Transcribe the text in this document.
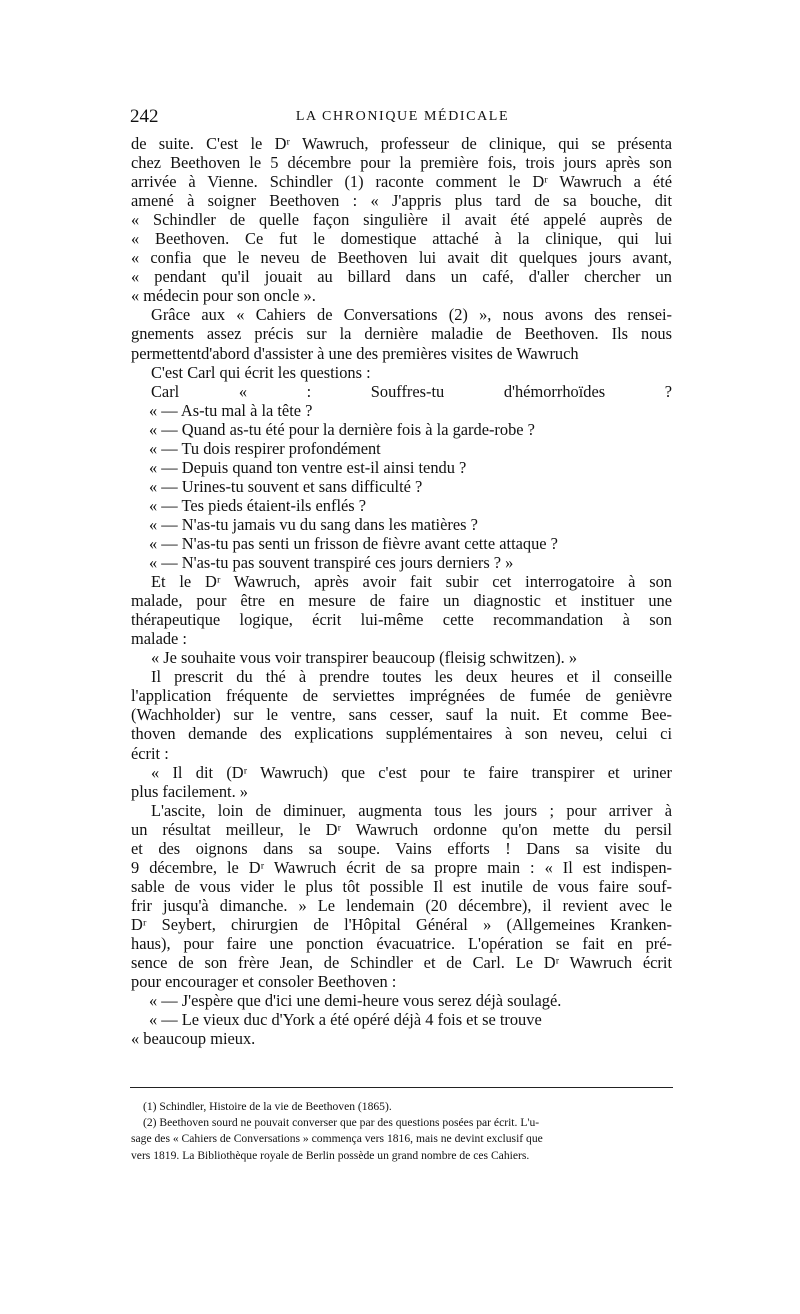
242	LA CHRONIQUE MÉDICALE
de suite. C'est le Dʳ Wawruch, professeur de clinique, qui se présenta
chez Beethoven le 5 décembre pour la première fois, trois jours après son
arrivée à Vienne. Schindler (1) raconte comment le Dʳ Wawruch a été
amené à soigner Beethoven : « J'appris plus tard de sa bouche, dit
« Schindler de quelle façon singulière il avait été appelé auprès de
« Beethoven. Ce fut le domestique attaché à la clinique, qui lui
« confia que le neveu de Beethoven lui avait dit quelques jours avant,
« pendant qu'il jouait au billard dans un café, d'aller chercher un
« médecin pour son oncle ».
Grâce aux « Cahiers de Conversations (2) », nous avons des rensei-
gnements assez précis sur la dernière maladie de Beethoven. Ils nous
permettentd'abord d'assister à une des premières visites de Wawruch
C'est Carl qui écrit les questions :
Carl « : Souffres-tu d'hémorrhoïdes ?
« — As-tu mal à la tête ?
« — Quand as-tu été pour la dernière fois à la garde-robe ?
« — Tu dois respirer profondément
« — Depuis quand ton ventre est-il ainsi tendu ?
« — Urines-tu souvent et sans difficulté ?
« — Tes pieds étaient-ils enflés ?
« — N'as-tu jamais vu du sang dans les matières ?
« — N'as-tu pas senti un frisson de fièvre avant cette attaque ?
« — N'as-tu pas souvent transpiré ces jours derniers ? »
Et le Dʳ Wawruch, après avoir fait subir cet interrogatoire à son
malade, pour être en mesure de faire un diagnostic et instituer une
thérapeutique logique, écrit lui-même cette recommandation à son
malade :
« Je souhaite vous voir transpirer beaucoup (fleisig schwitzen). »
Il prescrit du thé à prendre toutes les deux heures et il conseille
l'application fréquente de serviettes imprégnées de fumée de genièvre
(Wachholder) sur le ventre, sans cesser, sauf la nuit. Et comme Bee-
thoven demande des explications supplémentaires à son neveu, celui ci
écrit :
« Il dit (Dʳ Wawruch) que c'est pour te faire transpirer et uriner
plus facilement. »
L'ascite, loin de diminuer, augmenta tous les jours ; pour arriver à
un résultat meilleur, le Dʳ Wawruch ordonne qu'on mette du persil
et des oignons dans sa soupe. Vains efforts ! Dans sa visite du
9 décembre, le Dʳ Wawruch écrit de sa propre main : « Il est indispen-
sable de vous vider le plus tôt possible Il est inutile de vous faire souf-
frir jusqu'à dimanche. » Le lendemain (20 décembre), il revient avec le
Dʳ Seybert, chirurgien de l'Hôpital Général » (Allgemeines Kranken-
haus), pour faire une ponction évacuatrice. L'opération se fait en pré-
sence de son frère Jean, de Schindler et de Carl. Le Dʳ Wawruch écrit
pour encourager et consoler Beethoven :
« — J'espère que d'ici une demi-heure vous serez déjà soulagé.
« — Le vieux duc d'York a été opéré déjà 4 fois et se trouve
« beaucoup mieux.
(1) Schindler, Histoire de la vie de Beethoven (1865).
(2) Beethoven sourd ne pouvait converser que par des questions posées par écrit. L'u-
sage des « Cahiers de Conversations » commença vers 1816, mais ne devint exclusif que
vers 1819. La Bibliothèque royale de Berlin possède un grand nombre de ces Cahiers.
